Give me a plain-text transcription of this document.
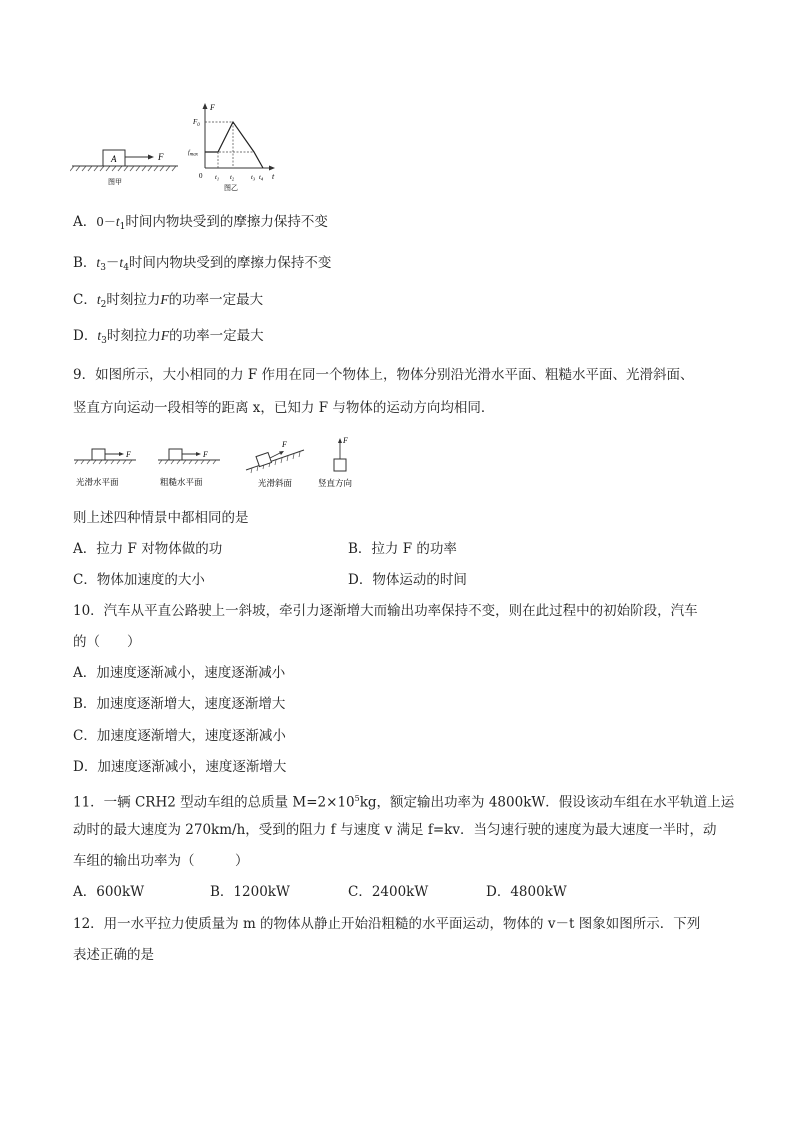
A	F
图甲
F
t
0
$F_0$
$f_{max}$
$t_1$ $t_2$	$t_3$ $t_4$
图乙
A．$0-t_1$时间内物块受到的摩擦力保持不变
B．$t_3-t_4$时间内物块受到的摩擦力保持不变
C．$t_2$时刻拉力F的功率一定最大
D．$t_3$时刻拉力F的功率一定最大
9．如图所示，大小相同的力 F 作用在同一个物体上，物体分别沿光滑水平面、粗糙水平面、光滑斜面、
竖直方向运动一段相等的距离 x，已知力 F 与物体的运动方向均相同．
F
光滑水平面
F
粗糙水平面
F
光滑斜面
F
竖直方向
则上述四种情景中都相同的是
A．拉力 F 对物体做的功	B．拉力 F 的功率
C．物体加速度的大小	D．物体运动的时间
10．汽车从平直公路驶上一斜坡，牵引力逐渐增大而输出功率保持不变，则在此过程中的初始阶段，汽车
的（　　）
A．加速度逐渐减小，速度逐渐减小
B．加速度逐渐增大，速度逐渐增大
C．加速度逐渐增大，速度逐渐减小
D．加速度逐渐减小，速度逐渐增大
11．一辆 CRH2 型动车组的总质量 $M=2\times 10^5kg$，额定输出功率为 4800kW．假设该动车组在水平轨道上运
动时的最大速度为 270km/h，受到的阻力 f 与速度 v 满足 f=kv．当匀速行驶的速度为最大速度一半时，动
车组的输出功率为（　　　）
A．600kW	B．1200kW	C．2400kW	D．4800kW
12．用一水平拉力使质量为 m 的物体从静止开始沿粗糙的水平面运动，物体的 v－t 图象如图所示．下列
表述正确的是
